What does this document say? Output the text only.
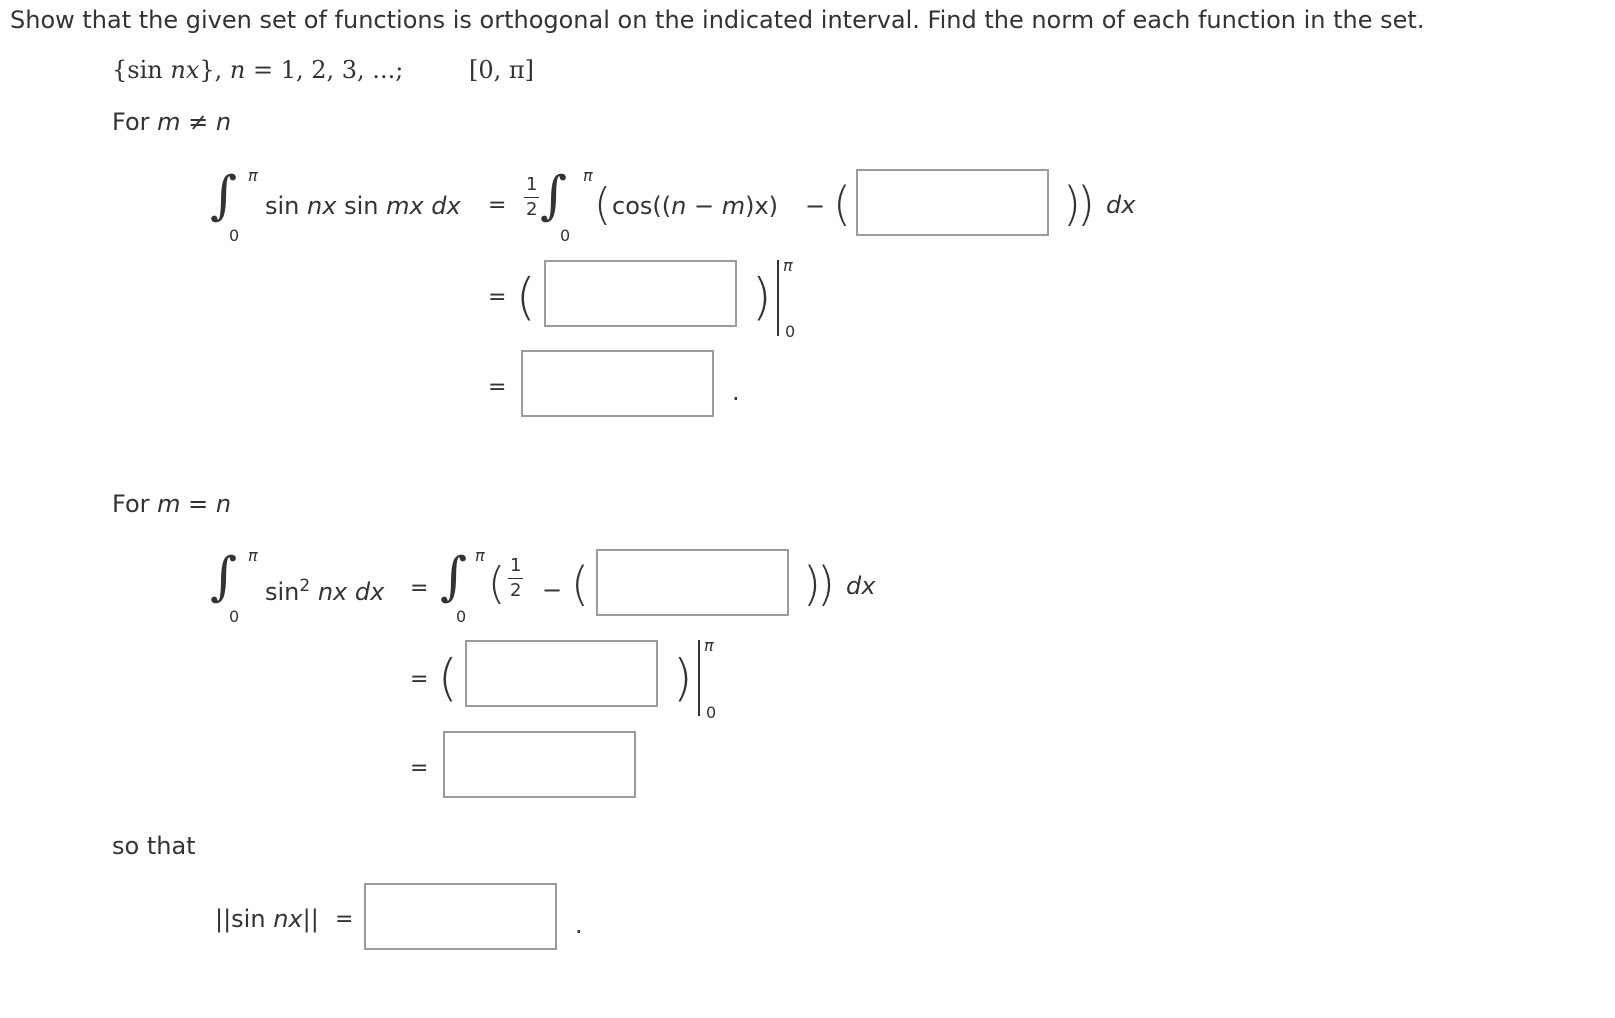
Show that the given set of functions is orthogonal on the indicated interval. Find the norm of each function in the set.
{sin nx}, n = 1, 2, 3, ...;	[0, π]
For m ≠ n
∫ π
0
sin nx sin mx dx =
1
2 ∫ π
0
( cos((n − m)x) − (	)
) dx
= (	)
π
0
=	.
For m = n
∫ π
0
$\sin^2$ nx dx = ∫ π
0
( 1
2 − (	)
) dx
= (	)
π
0
=
so that
||sin nx|| =	.
